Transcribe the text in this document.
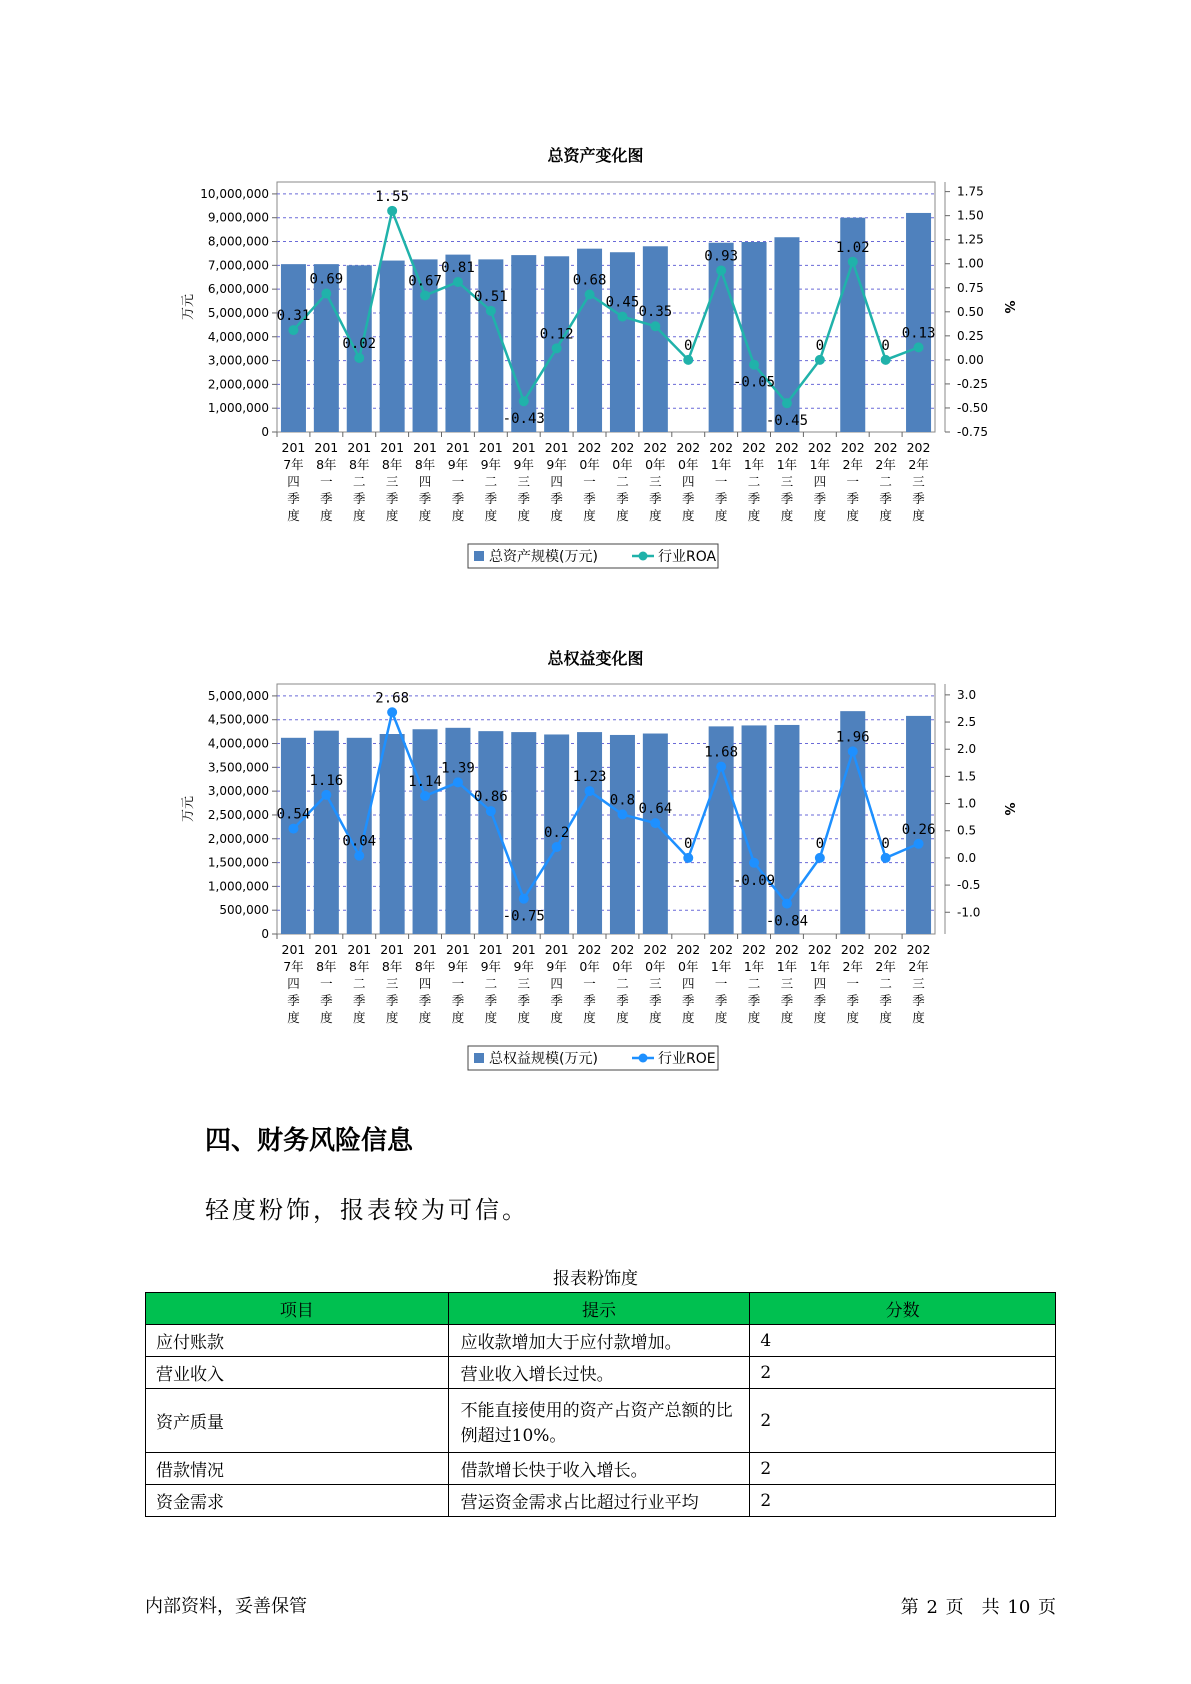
总资产变化图
10,000,000
9,000,000
8,000,000
7,000,000
6,000,000
5,000,000
4,000,000
3,000,000
2,000,000
1,000,000
0
1.75
1.50
1.25
1.00
0.75
0.50
0.25
0.00
-0.25
-0.50
-0.75
万元	%
201
7年
四
季
度
201
8年
一
季
度
201
8年
二
季
度
201
8年
三
季
度
201
8年
四
季
度
201
9年
一
季
度
201
9年
二
季
度
201
9年
三
季
度
201
9年
四
季
度
202
0年
一
季
度
202
0年
二
季
度
202
0年
三
季
度
202
0年
四
季
度
202
1年
一
季
度
202
1年
二
季
度
202
1年
三
季
度
202
1年
四
季
度
202
2年
一
季
度
202
2年
二
季
度
202
2年
三
季
度
0.31
0.69
0.02
1.55
0.67
0.81
0.51
-0.43
0.12
0.68
0.45
0.35
0
0.93
-0.05
-0.45
0
1.02
0
0.13
总资产规模(万元)	行业ROA
总权益变化图
5,000,000
4,500,000
4,000,000
3,500,000
3,000,000
2,500,000
2,000,000
1,500,000
1,000,000
500,000
0
3.0
2.5
2.0
1.5
1.0
0.5
0.0
-0.5
-1.0
万元	%
201
7年
四
季
度
201
8年
一
季
度
201
8年
二
季
度
201
8年
三
季
度
201
8年
四
季
度
201
9年
一
季
度
201
9年
二
季
度
201
9年
三
季
度
201
9年
四
季
度
202
0年
一
季
度
202
0年
二
季
度
202
0年
三
季
度
202
0年
四
季
度
202
1年
一
季
度
202
1年
二
季
度
202
1年
三
季
度
202
1年
四
季
度
202
2年
一
季
度
202
2年
二
季
度
202
2年
三
季
度
0.54
1.16
0.04
2.68
1.14
1.39
0.86
-0.75
0.2
1.23
0.8
0.64
0
1.68
-0.09
-0.84
0
1.96
0
0.26
总权益规模(万元)	行业ROE
四、财务风险信息
轻度粉饰，报表较为可信。
报表粉饰度
项目	提示	分数
应付账款	应收款增加大于应付款增加。	4
营业收入	营业收入增长过快。	2
资产质量	不能直接使用的资产占资产总额的比例超过10%。	2
借款情况	借款增长快于收入增长。	2
资金需求	营运资金需求占比超过行业平均	2
内部资料，妥善保管	第 2 页　共 10 页
